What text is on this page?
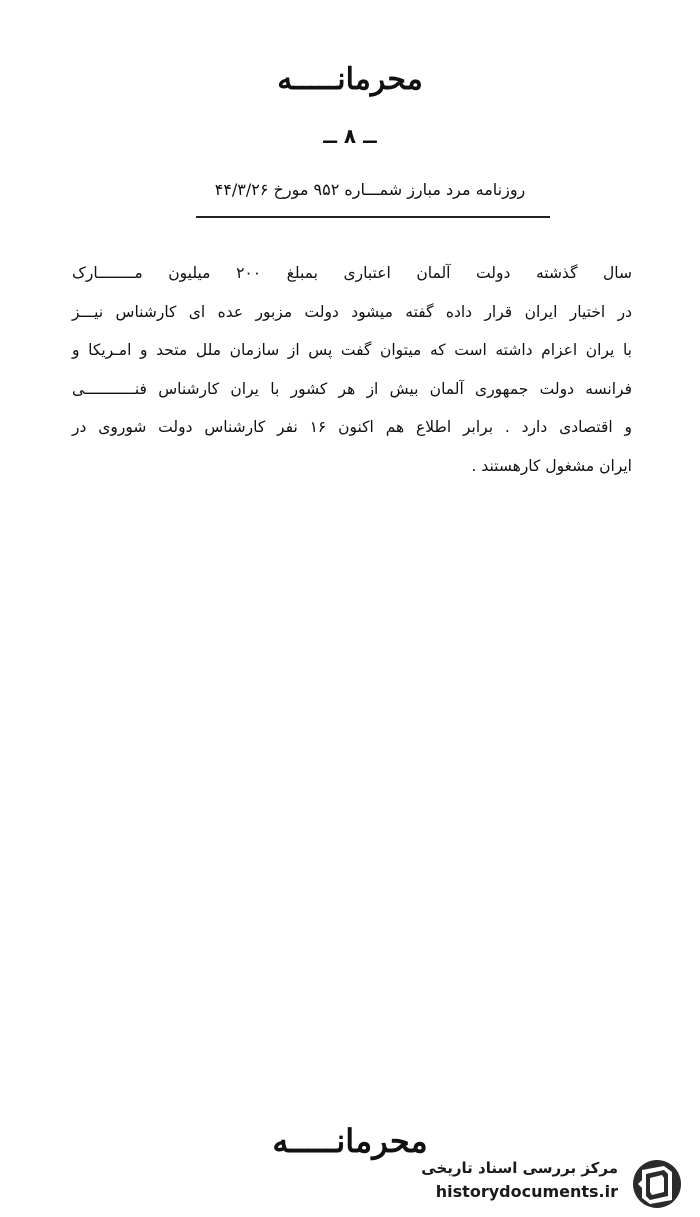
محرمانـــــه
ــ ۸ ــ
روزنامه مرد مبارز شمـــاره ۹۵۲ مورخ ۴۴/۳/۲۶
سال گذشته دولت آلمان اعتباری بمبلغ ۲۰۰ میلیون مــــــــارک
در اختیار ایران قرار داده گفته میشود دولت مزبور عده ای کارشناس نیـــز
با یران اعزام داشته است که میتوان گفت پس از سازمان ملل متحد و امـریکا و
فرانسه دولت جمهوری آلمان بیش از هر کشور با یران کارشناس فنـــــــــــی
و اقتصادی دارد . برابر اطلاع هم اکنون ۱۶ نفر کارشناس دولت شوروی در
ایران مشغول کارهستند .
محرمانـــــه
مرکز بررسی اسناد تاریخی
historydocuments.ir
